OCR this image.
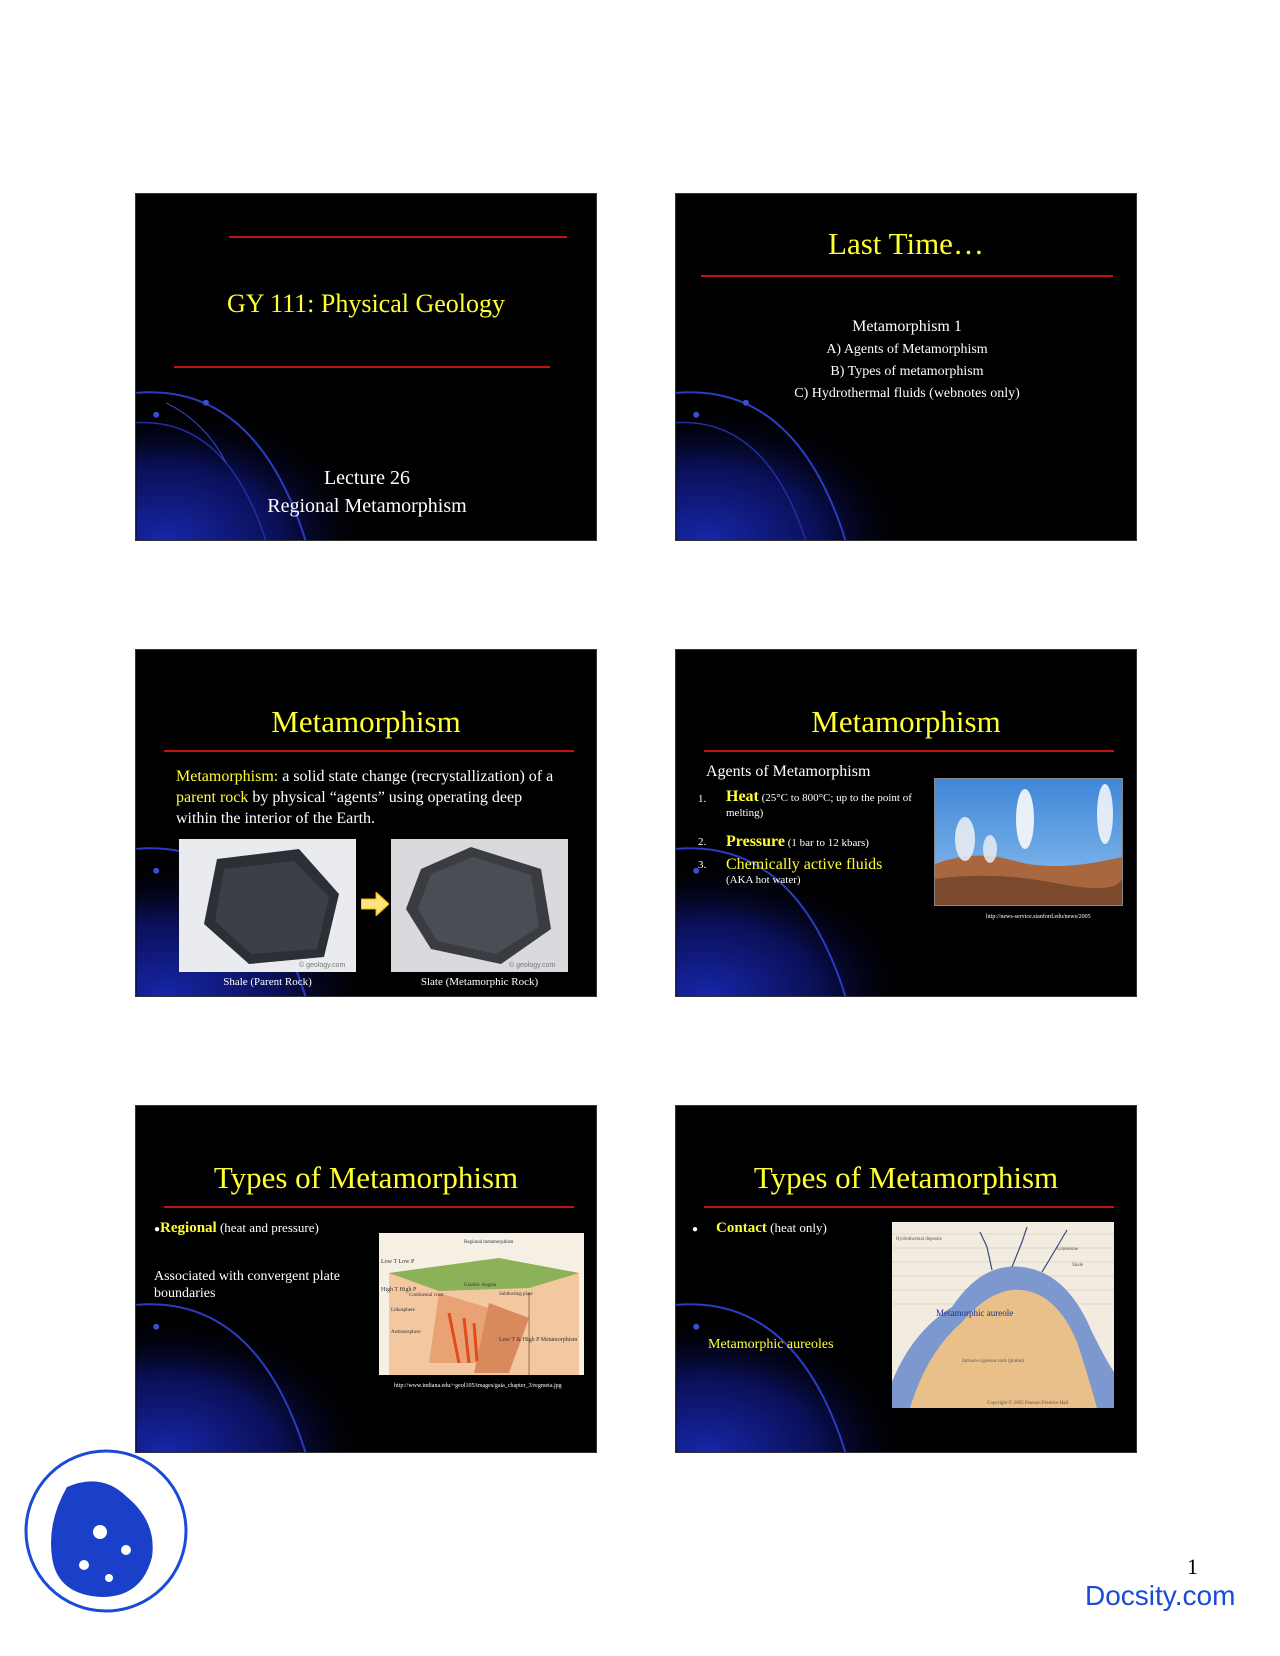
GY 111: Physical Geology
Lecture 26
Regional Metamorphism
Last Time…
Metamorphism 1
A) Agents of Metamorphism
B) Types of metamorphism
C) Hydrothermal fluids (webnotes only)
Metamorphism
Metamorphism: a solid state change (recrystallization) of a parent rock by physical “agents” using operating deep within the interior of the Earth.
© geology.com	© geology.com
Shale (Parent Rock)	Slate (Metamorphic Rock)
Metamorphism
Agents of Metamorphism
1. Heat (25°C to 800°C; up to the point of melting)
2. Pressure (1 bar to 12 kbars)
3. Chemically active fluids
(AKA hot water)
http://news-service.stanford.edu/news/2005
Types of Metamorphism
●Regional (heat and pressure)
Associated with convergent plate boundaries
Regional metamorphism
Low T Low P
High T High P
Continental crust
Granitic magma
Lithosphere
Asthenosphere
Subducting plate
Low T & High P Metamorphism
http://www.indiana.edu/~geol105/images/gaia_chapter_3/regmeta.jpg
Types of Metamorphism
● Contact (heat only)
Metamorphic aureoles
Metamorphic aureole
Hydrothermal deposits
Shale
Limestone
Intrusive igneous rock (pluton)
Copyright © 2005 Pearson Prentice Hall
1
Docsity.com
